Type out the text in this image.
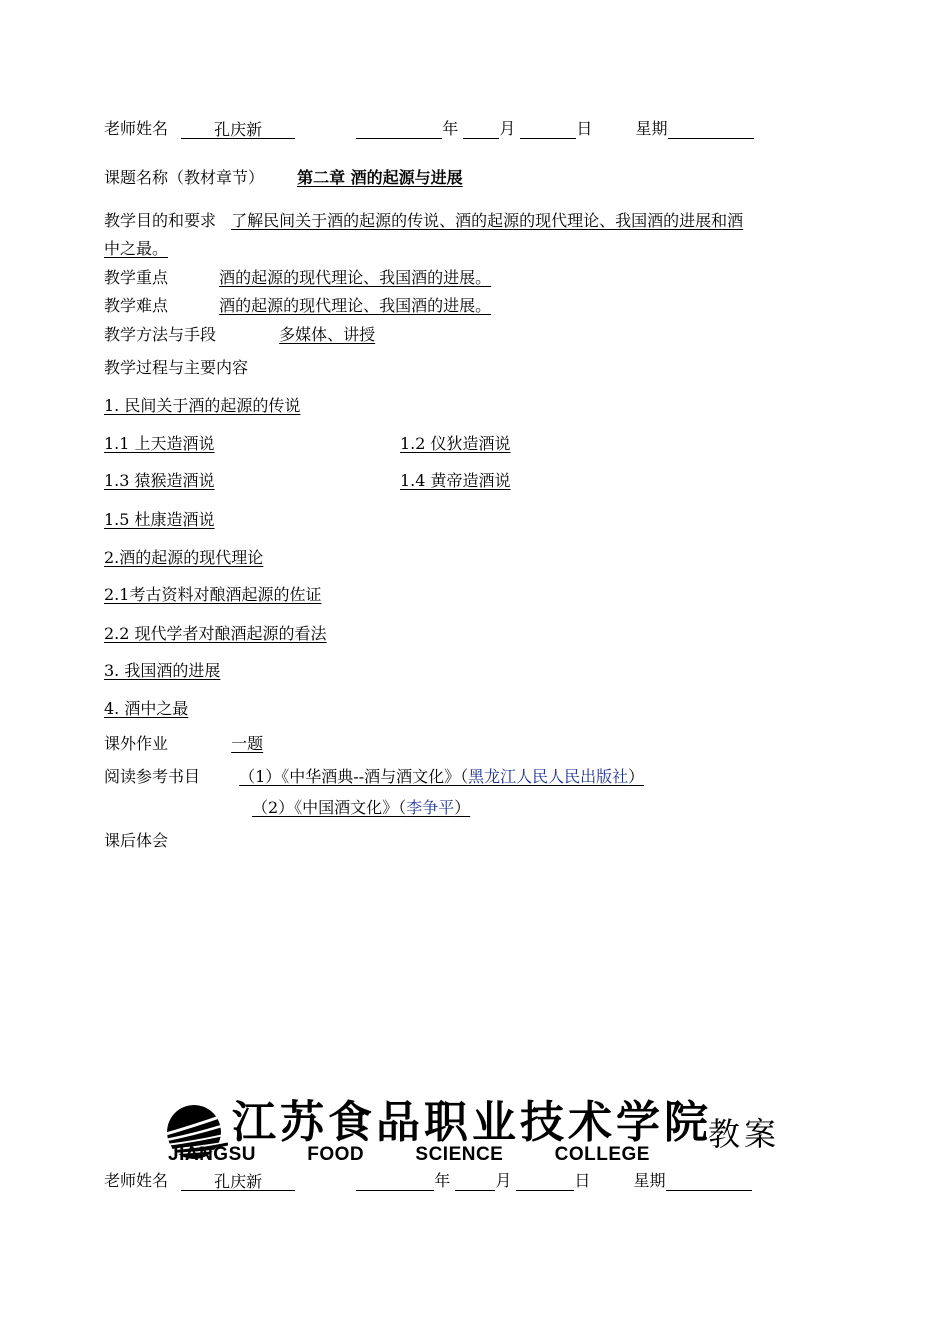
老师姓名	孔庆新	年	月	日	星期
课题名称（教材章节） 第二章 酒的起源与进展
教学目的和要求 了解民间关于酒的起源的传说、酒的起源的现代理论、我国酒的进展和酒
中之最。
教学重点	酒的起源的现代理论、我国酒的进展。
教学难点	酒的起源的现代理论、我国酒的进展。
教学方法与手段	多媒体、讲授
教学过程与主要内容
1. 民间关于酒的起源的传说
1.1 上天造酒说	1.2 仪狄造酒说
1.3 猿猴造酒说	1.4 黄帝造酒说
1.5 杜康造酒说
2.酒的起源的现代理论
2.1考古资料对酿酒起源的佐证
2.2 现代学者对酿酒起源的看法
3. 我国酒的进展
4. 酒中之最
课外作业	一题
阅读参考书目 （1）《中华酒典--酒与酒文化》（黑龙江人民人民出版社）
（2）《中国酒文化》（李争平）
课后体会
江苏食品职业技术学院
教案
JIANGSU	FOOD	SCIENCE	COLLEGE
老师姓名	孔庆新	年	月	日	星期
